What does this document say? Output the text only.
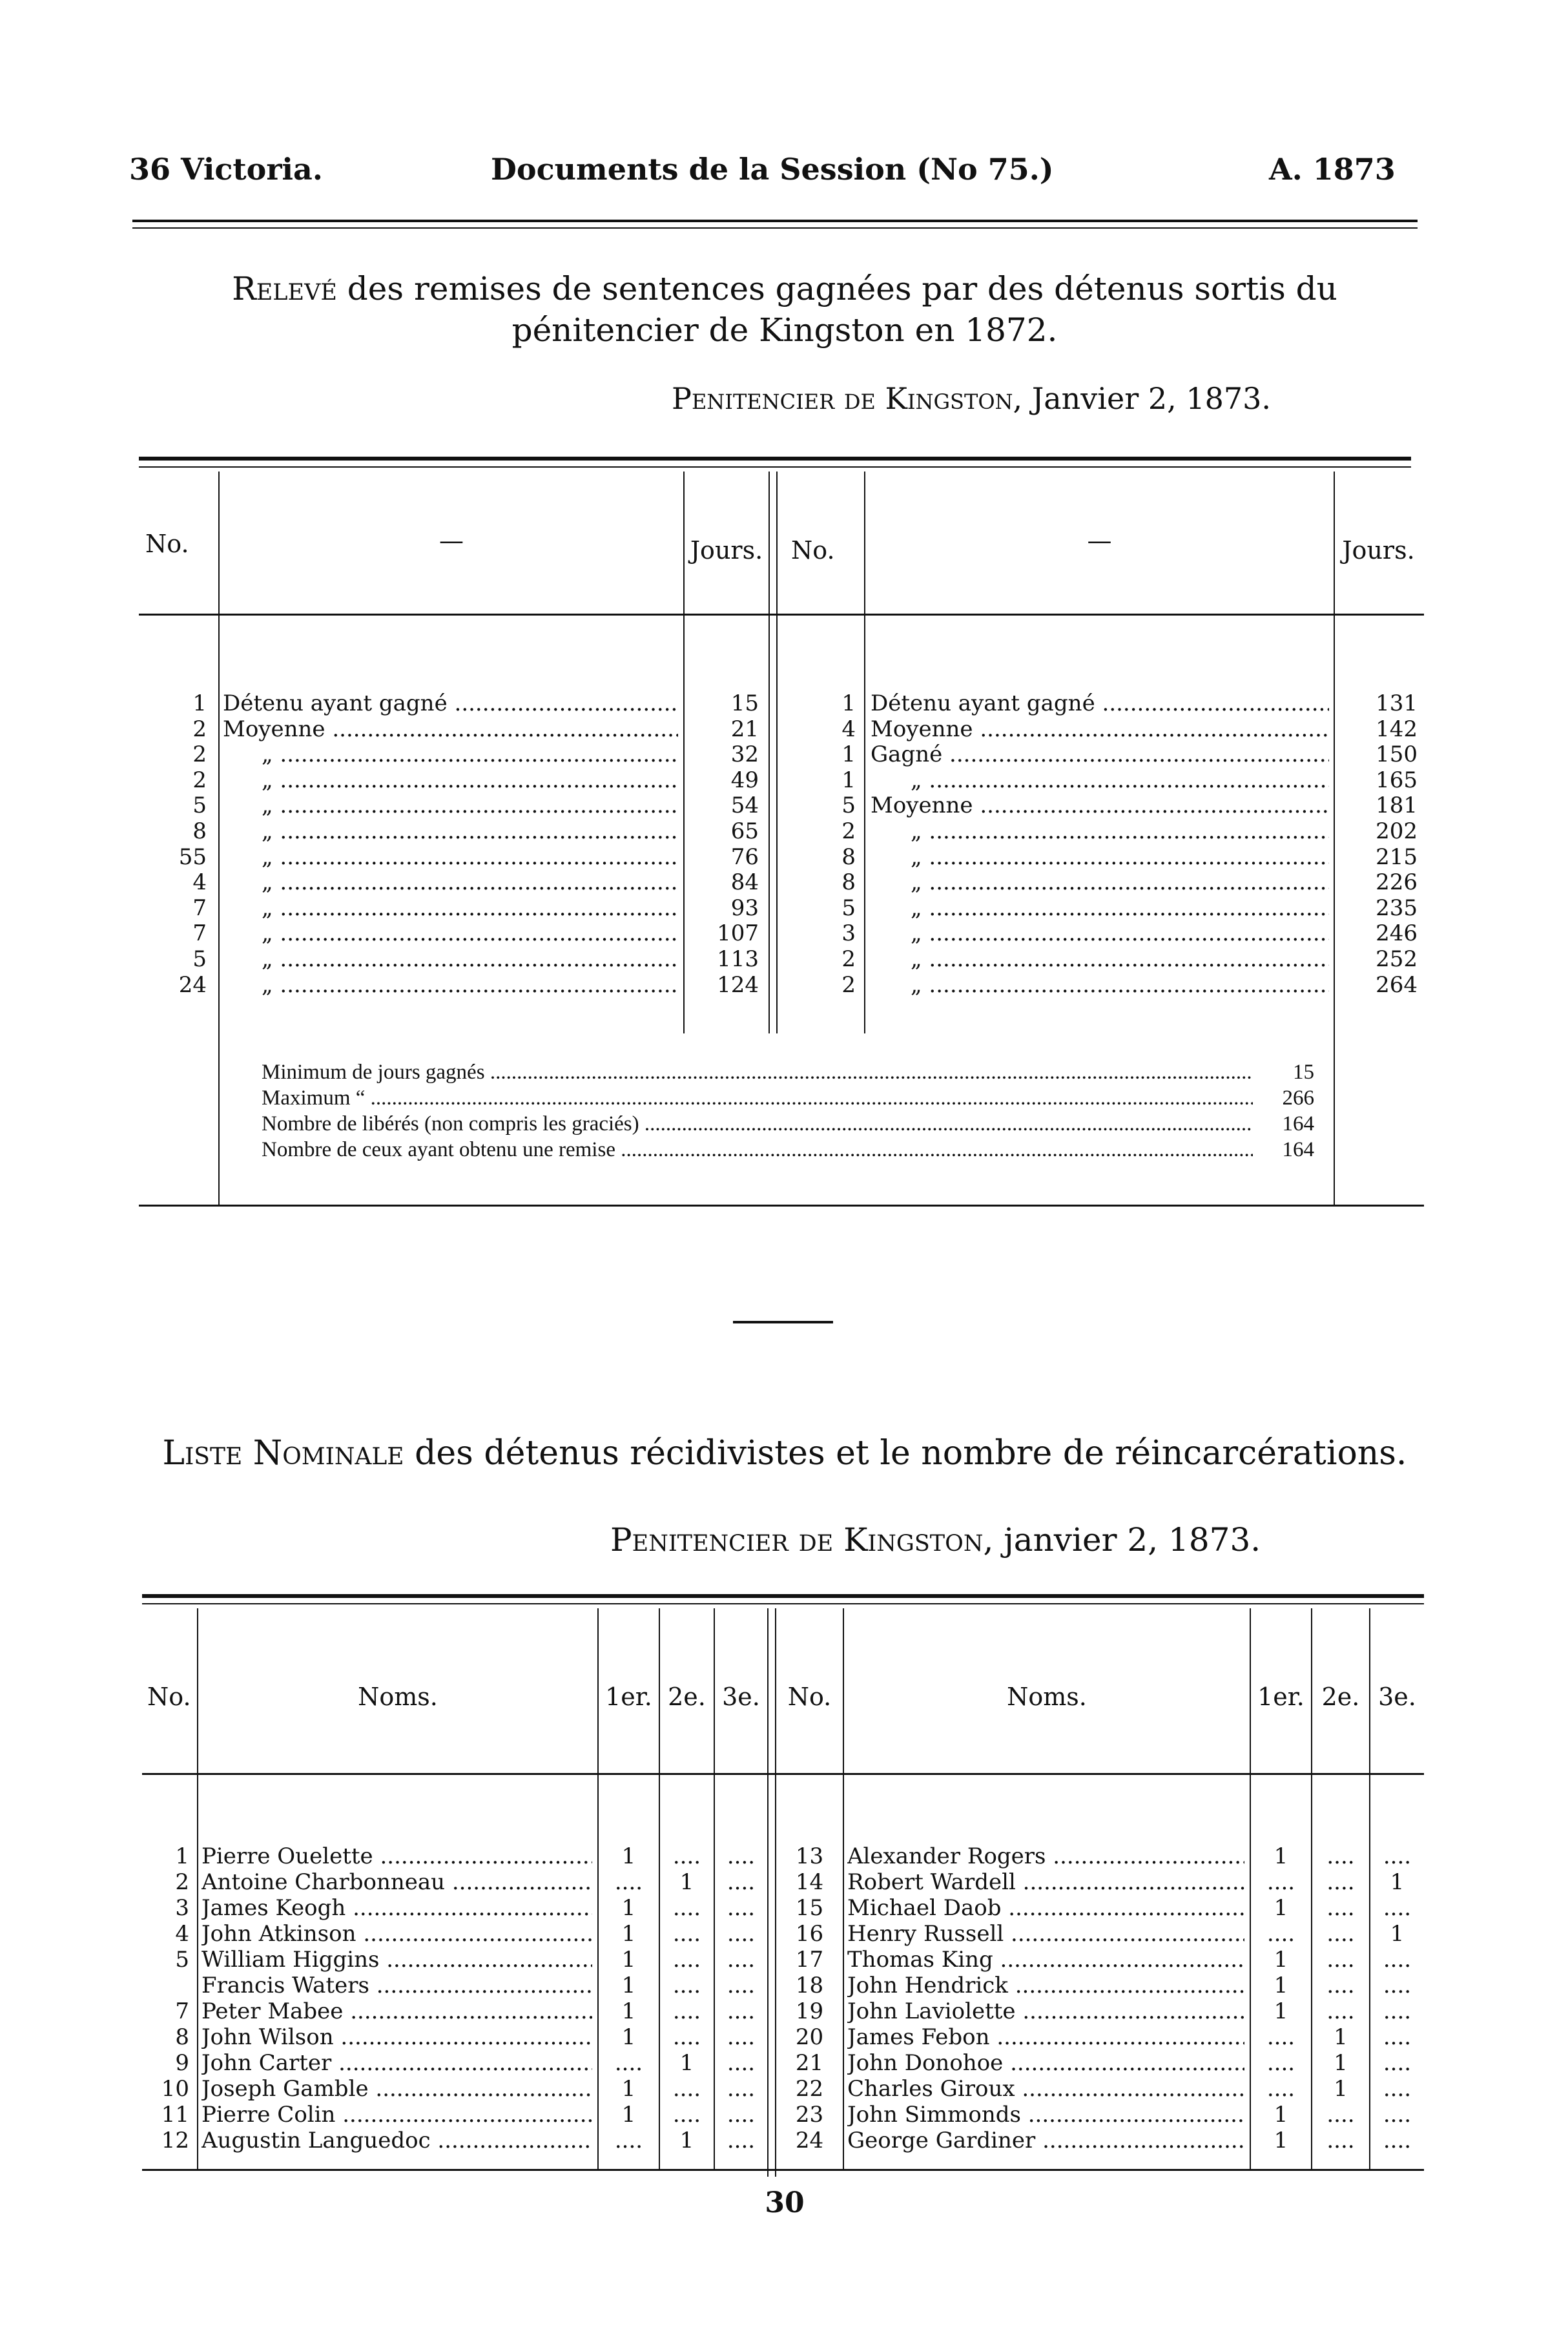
36 Victoria.	Documents de la Session (No 75.)	A. 1873
Relevé des remises de sentences gagnées par des détenus sortis du pénitencier de Kingston en 1872.
Penitencier de Kingston, Janvier 2, 1873.
No.	—	Jours. No.	—	Jours.
1 Détenu ayant gagné .....	15
2 Moyenne .....	21
2	„ .....	32
2	„ .....	49
5	„ .....	54
8	„ .....	65
55	„ .....	76
4	„ .....	84
7	„ .....	93
7	„ .....	107
5	„ .....	113
24	„ .....	124
1 Détenu ayant gagné .....	131
4 Moyenne .....	142
1 Gagné .....	150
1	„ .....	165
5 Moyenne .....	181
2	„ .....	202
8	„ .....	215
8	„ .....	226
5	„ .....	235
3	„ .....	246
2	„ .....	252
2	„ .....	264
Minimum de jours gagnés .....	15
Maximum “ .....	266
Nombre de libérés (non compris les graciés) .....	164
Nombre de ceux ayant obtenu une remise .....	164
Liste Nominale des détenus récidivistes et le nombre de réincarcérations.
Penitencier de Kingston, janvier 2, 1873.
No.	Noms.	1er. 2e. 3e.	No.	Noms.	1er. 2e. 3e.
1 Pierre Ouelette .....	1	....	....
2 Antoine Charbonneau .....	....	1	....
3 James Keogh .....	1	....	....
4 John Atkinson .....	1	....	....
5 William Higgins .....	1	....	....
Francis Waters .....	1	....	....
7 Peter Mabee .....	1	....	....
8 John Wilson .....	1	....	....
9 John Carter .....	....	1	....
10 Joseph Gamble .....	1	....	....
11 Pierre Colin .....	1	....	....
12 Augustin Languedoc .....	....	1	....
13	Alexander Rogers .....	1	....	....
14	Robert Wardell .....	....	....	1
15	Michael Daob .....	1	....	....
16	Henry Russell .....	....	....	1
17	Thomas King .....	1	....	....
18	John Hendrick .....	1	....	....
19	John Laviolette .....	1	....	....
20	James Febon .....	....	1	....
21	John Donohoe .....	....	1	....
22	Charles Giroux .....	....	1	....
23	John Simmonds .....	1	....	....
24	George Gardiner .....	1	....	....
30
